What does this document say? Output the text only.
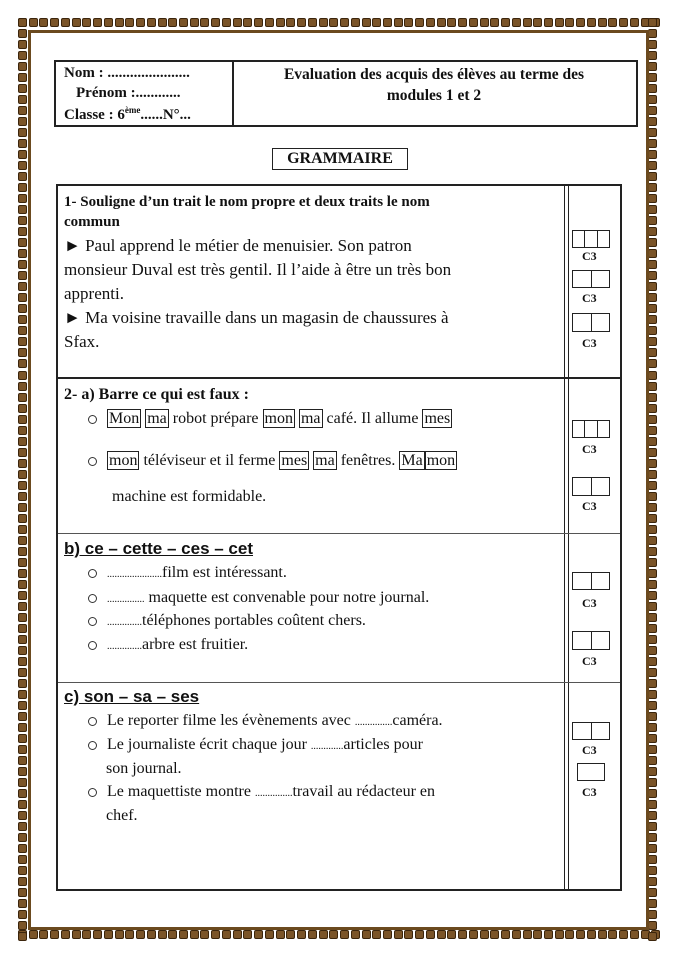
Nom : ......................
Prénom :............
Classe : 6ème......N°...
Evaluation des acquis des élèves au terme des
modules 1 et 2
GRAMMAIRE
1- Souligne d’un trait le nom propre et deux traits le nom
commun
► Paul apprend le métier de menuisier. Son patron
monsieur Duval est très gentil. Il l’aide à être un très bon
apprenti.
► Ma voisine travaille dans un magasin de chaussures à
Sfax.
2- a) Barre ce qui est faux :
Mon ma robot prépare mon ma café. Il allume mes
mon téléviseur et il ferme mes ma fenêtres. Ma mon
machine est formidable.
b) ce – cette – ces – cet
......................film est intéressant.
............... maquette est convenable pour notre journal.
..............téléphones portables coûtent chers.
..............arbre est fruitier.
c) son – sa – ses
Le reporter filme les évènements avec ...............caméra.
Le journaliste écrit chaque jour .............articles pour
son journal.
Le maquettiste montre ...............travail au rédacteur en
chef.
C3
C3
C3
C3
C3
C3
C3
C3
C3
